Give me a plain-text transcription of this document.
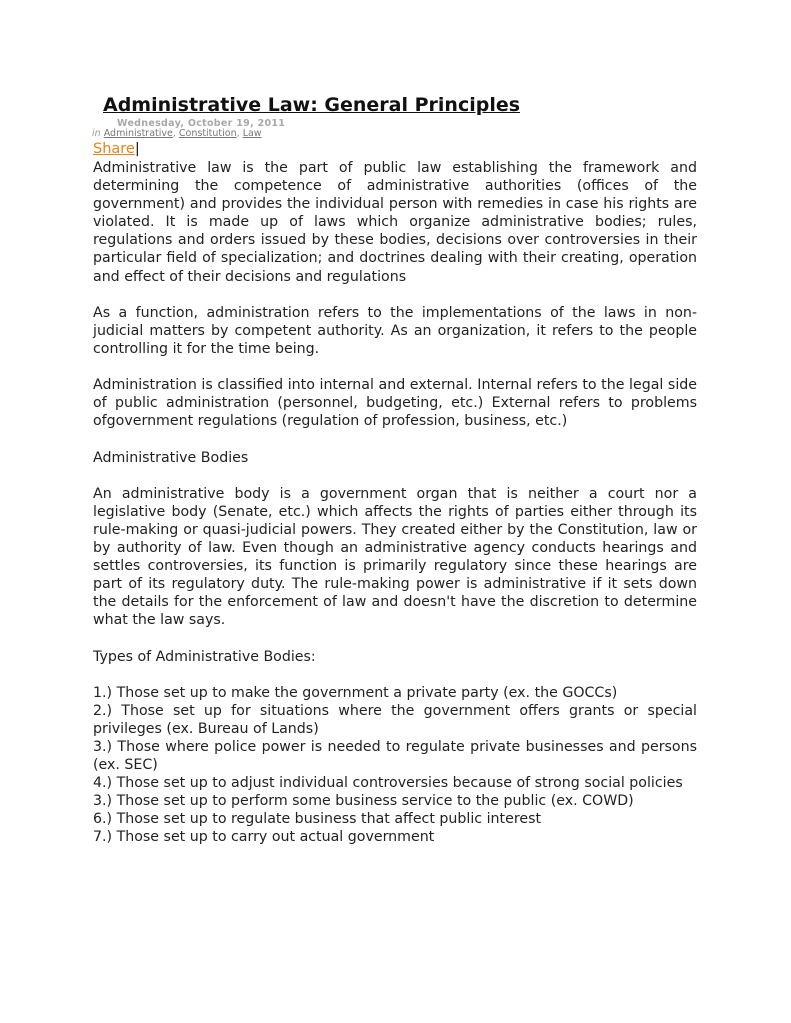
Administrative Law: General Principles
Wednesday, October 19, 2011
in Administrative, Constitution, Law
Share|

Administrative law is the part of public law establishing the framework and determining the competence of administrative authorities (offices of the government) and provides the individual person with remedies in case his rights are violated. It is made up of laws which organize administrative bodies; rules, regulations and orders issued by these bodies, decisions over controversies in their particular field of specialization; and doctrines dealing with their creating, operation and effect of their decisions and regulations

As a function, administration refers to the implementations of the laws in non-judicial matters by competent authority. As an organization, it refers to the people controlling it for the time being.

Administration is classified into internal and external. Internal refers to the legal side of public administration (personnel, budgeting, etc.) External refers to problems ofgovernment regulations (regulation of profession, business, etc.)

Administrative Bodies

An administrative body is a government organ that is neither a court nor a legislative body (Senate, etc.) which affects the rights of parties either through its rule-making or quasi-judicial powers. They created either by the Constitution, law or by authority of law. Even though an administrative agency conducts hearings and settles controversies, its function is primarily regulatory since these hearings are part of its regulatory duty. The rule-making power is administrative if it sets down the details for the enforcement of law and doesn't have the discretion to determine what the law says.

Types of Administrative Bodies:

1.) Those set up to make the government a private party (ex. the GOCCs)
2.) Those set up for situations where the government offers grants or special privileges (ex. Bureau of Lands)
3.) Those where police power is needed to regulate private businesses and persons (ex. SEC)
4.) Those set up to adjust individual controversies because of strong social policies
3.) Those set up to perform some business service to the public (ex. COWD)
6.) Those set up to regulate business that affect public interest
7.) Those set up to carry out actual government
